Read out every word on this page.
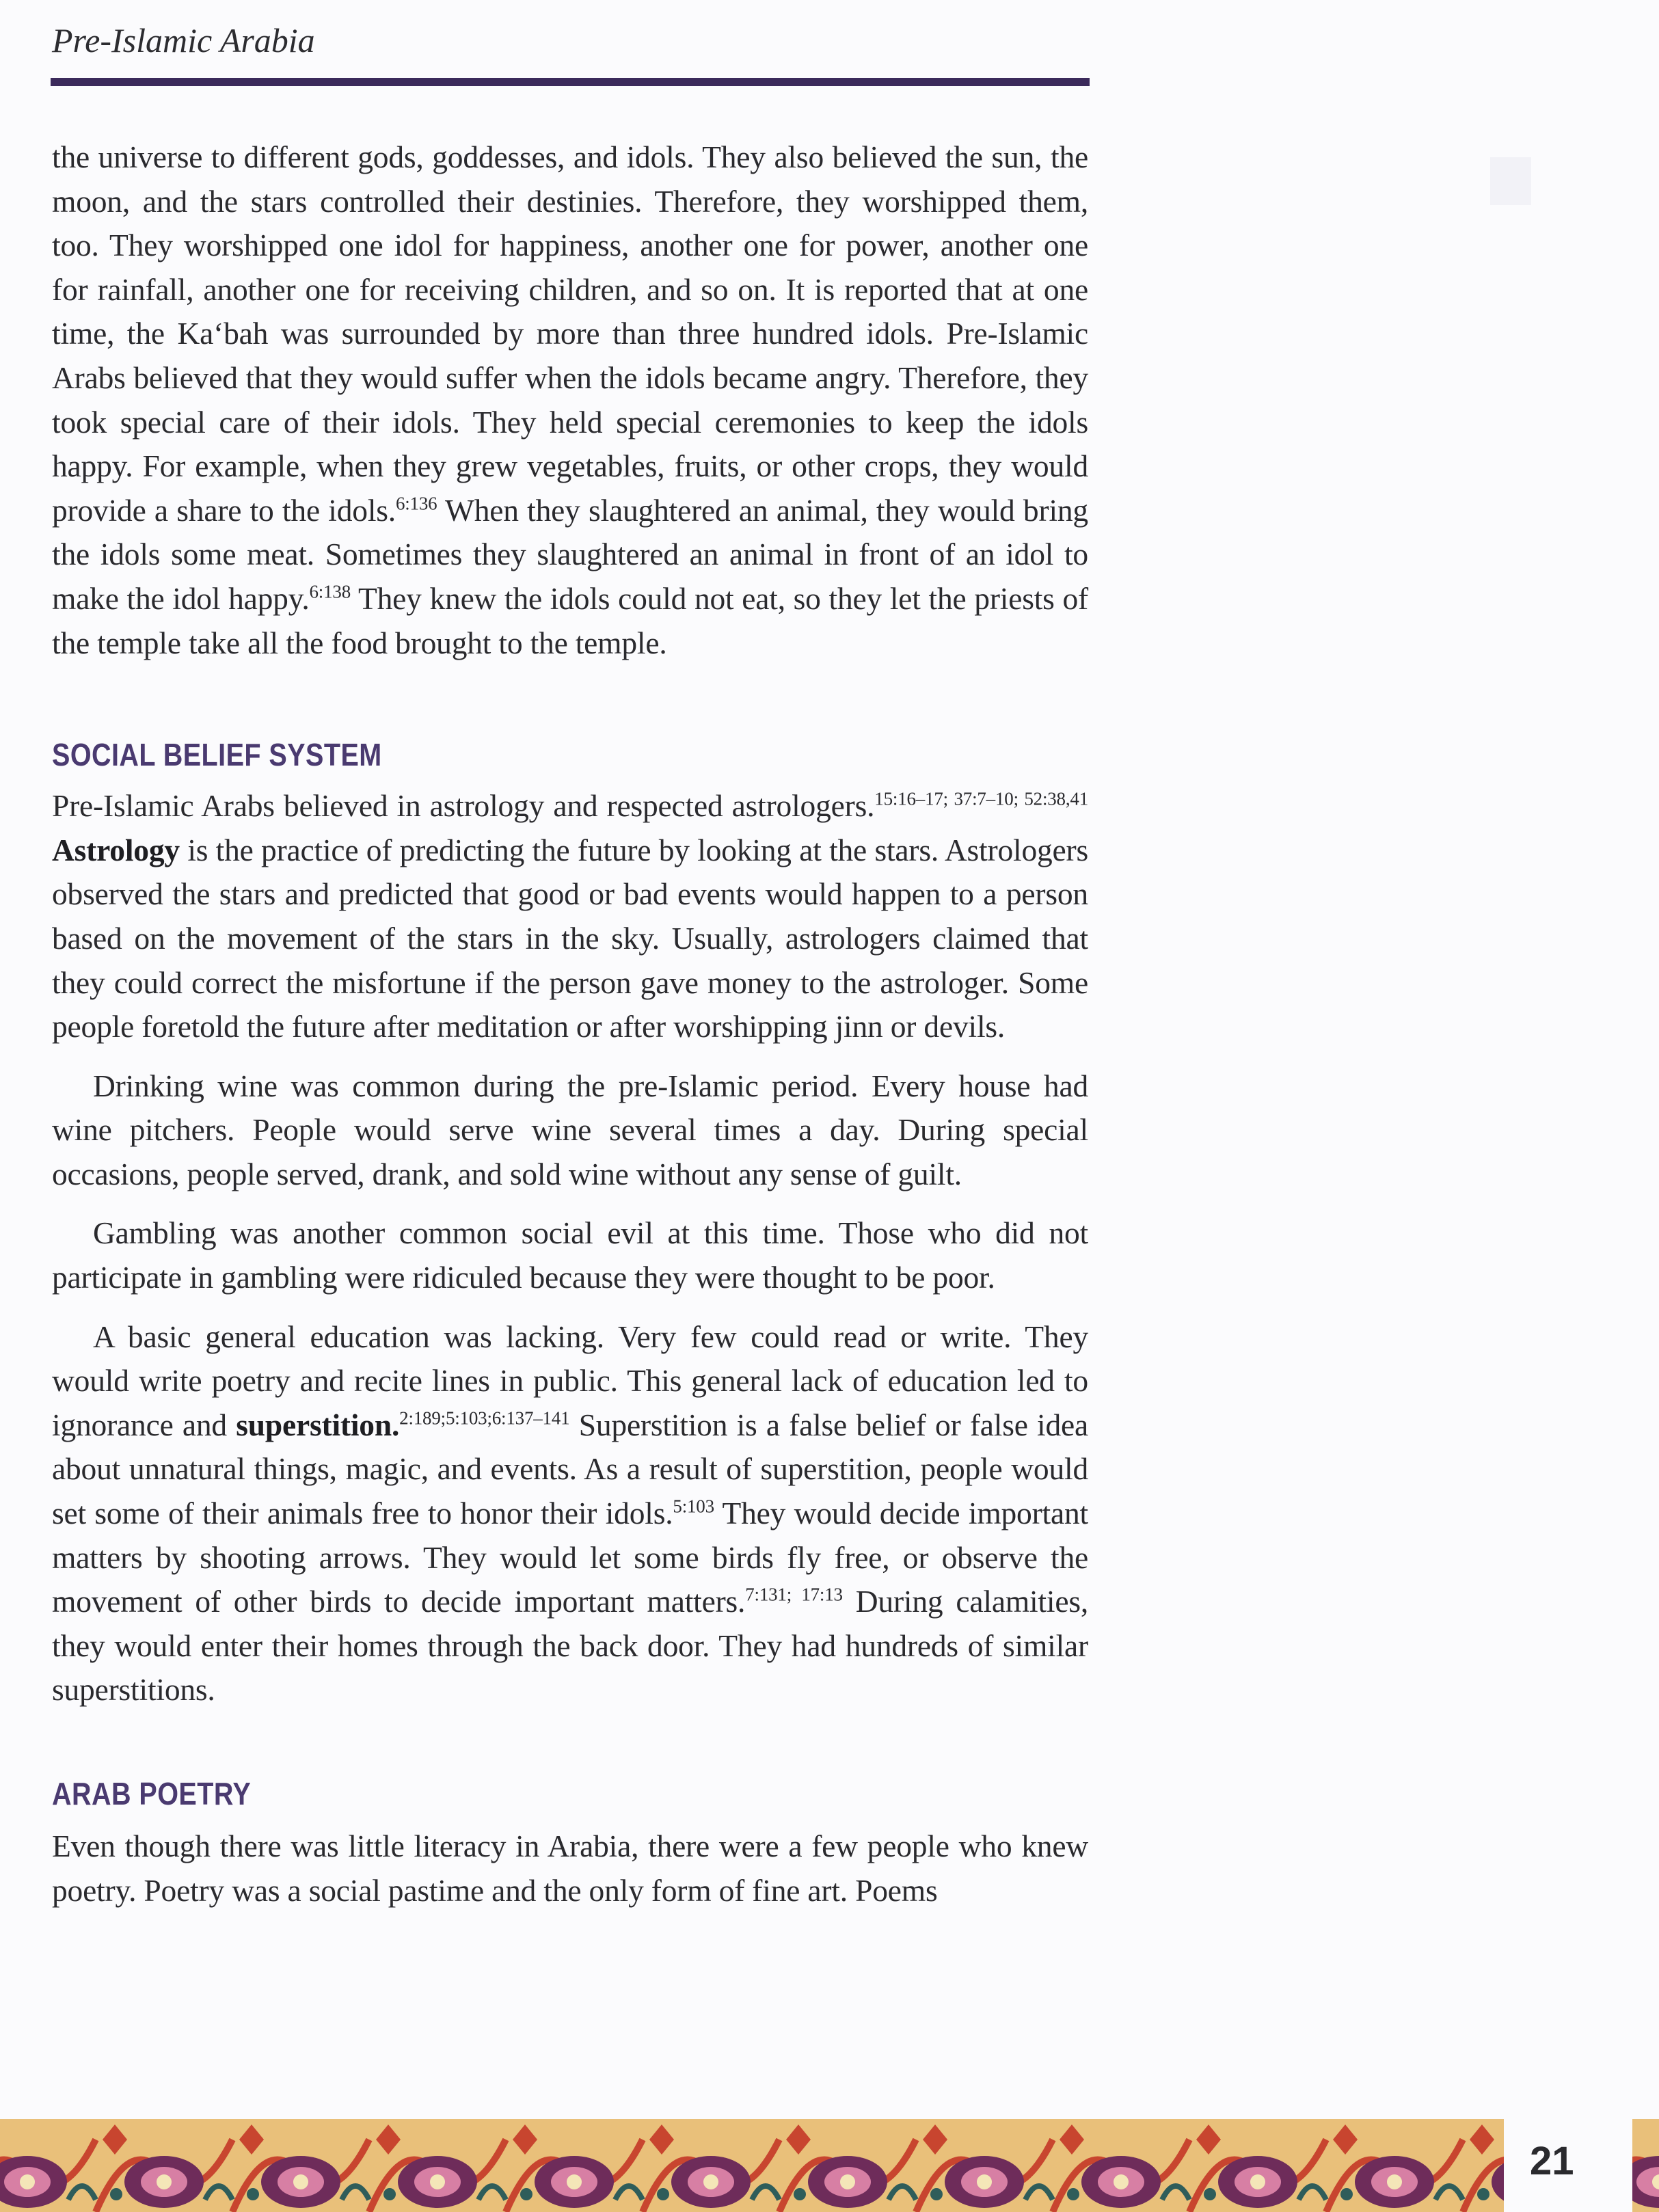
Pre-Islamic Arabia

the universe to different gods, goddesses, and idols. They also believed the sun, the moon, and the stars controlled their destinies. Therefore, they worshipped them, too. They worshipped one idol for happiness, another one for power, another one for rainfall, another one for receiving children, and so on. It is reported that at one time, the Ka‘bah was surrounded by more than three hundred idols. Pre-Islamic Arabs believed that they would suffer when the idols became angry. Therefore, they took special care of their idols. They held special ceremonies to keep the idols happy. For example, when they grew vegetables, fruits, or other crops, they would provide a share to the idols.$^{6:136}$ When they slaughtered an animal, they would bring the idols some meat. Sometimes they slaughtered an animal in front of an idol to make the idol happy.$^{6:138}$ They knew the idols could not eat, so they let the priests of the temple take all the food brought to the temple.

SOCIAL BELIEF SYSTEM

Pre-Islamic Arabs believed in astrology and respected astrologers.$^{15:16-17; 37:7-10; 52:38,41}$ Astrology is the practice of predicting the future by looking at the stars. Astrologers observed the stars and predicted that good or bad events would happen to a person based on the movement of the stars in the sky. Usually, astrologers claimed that they could correct the misfortune if the person gave money to the astrologer. Some people foretold the future after meditation or after worshipping jinn or devils.

Drinking wine was common during the pre-Islamic period. Every house had wine pitchers. People would serve wine several times a day. During special occasions, people served, drank, and sold wine without any sense of guilt.

Gambling was another common social evil at this time. Those who did not participate in gambling were ridiculed because they were thought to be poor.

A basic general education was lacking. Very few could read or write. They would write poetry and recite lines in public. This general lack of education led to ignorance and superstition.$^{2:189;5:103;6:137-141}$ Superstition is a false belief or false idea about unnatural things, magic, and events. As a result of superstition, people would set some of their animals free to honor their idols.$^{5:103}$ They would decide important matters by shooting arrows. They would let some birds fly free, or observe the movement of other birds to decide important matters.$^{7:131; 17:13}$ During calamities, they would enter their homes through the back door. They had hundreds of similar superstitions.

ARAB POETRY

Even though there was little literacy in Arabia, there were a few people who knew poetry. Poetry was a social pastime and the only form of fine art. Poems

21
